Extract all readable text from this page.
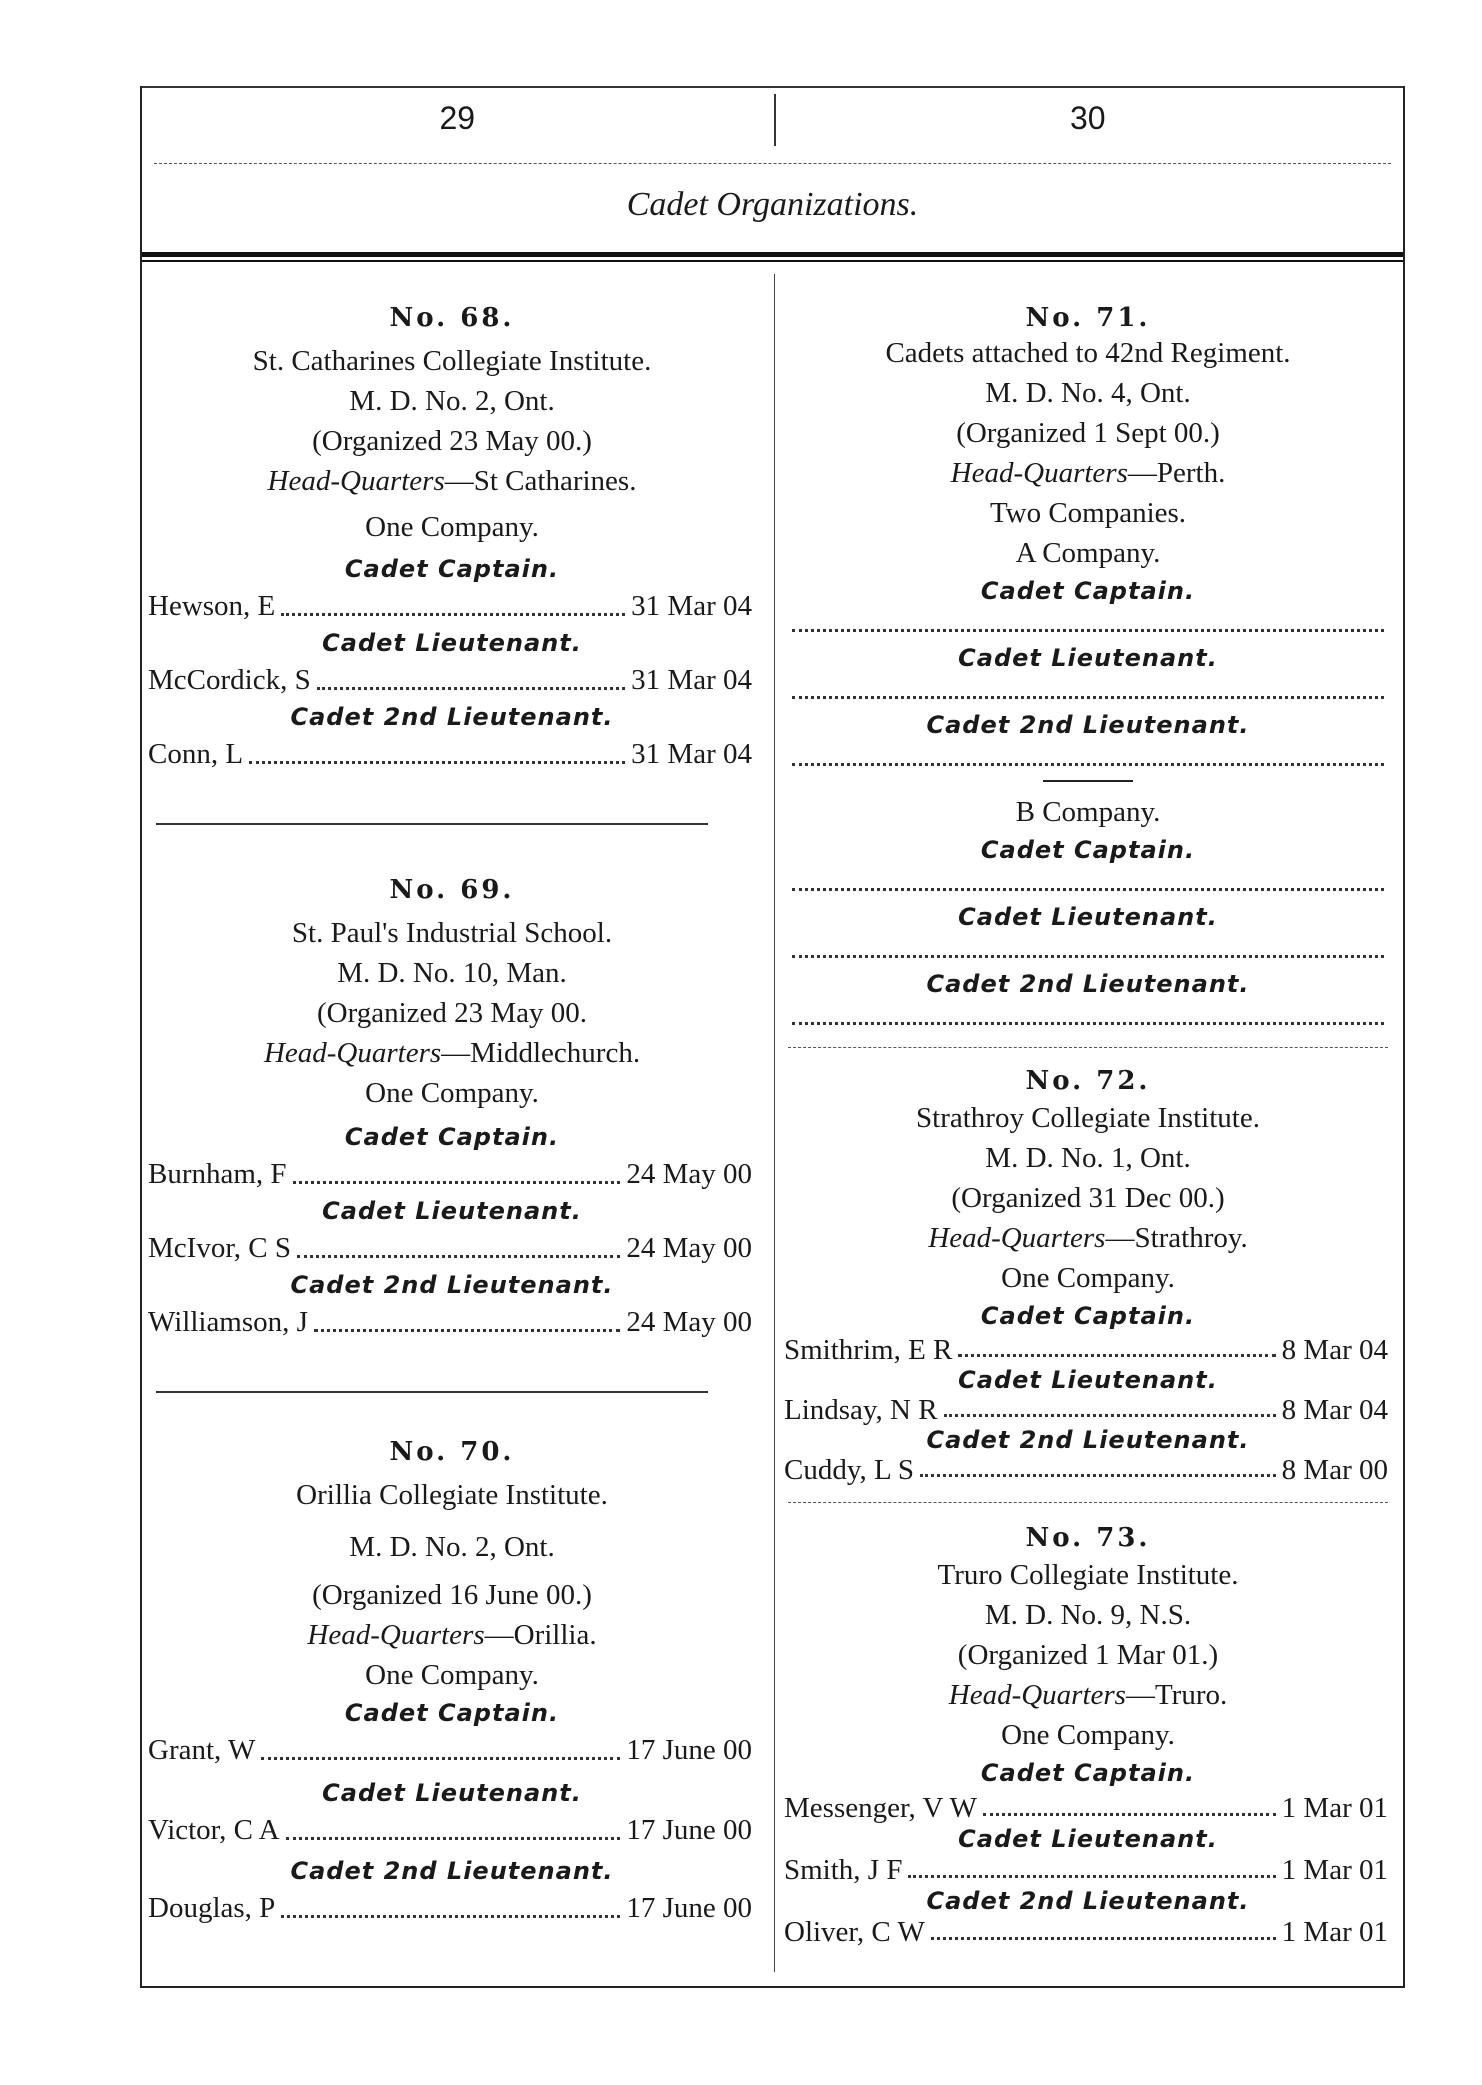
29	30
Cadet Organizations.
No. 68.
St. Catharines Collegiate Institute.
M. D. No. 2, Ont.
(Organized 23 May 00.)
Head-Quarters—St Catharines.
One Company.
Cadet Captain.
Hewson, E	31 Mar 04
Cadet Lieutenant.
McCordick, S	31 Mar 04
Cadet 2nd Lieutenant.
Conn, L	31 Mar 04
No. 69.
St. Paul's Industrial School.
M. D. No. 10, Man.
(Organized 23 May 00.
Head-Quarters—Middlechurch.
One Company.
Cadet Captain.
Burnham, F	24 May 00
Cadet Lieutenant.
McIvor, C S	24 May 00
Cadet 2nd Lieutenant.
Williamson, J	24 May 00
No. 70.
Orillia Collegiate Institute.
M. D. No. 2, Ont.
(Organized 16 June 00.)
Head-Quarters—Orillia.
One Company.
Cadet Captain.
Grant, W	17 June 00
Cadet Lieutenant.
Victor, C A	17 June 00
Cadet 2nd Lieutenant.
Douglas, P	17 June 00
No. 71.
Cadets attached to 42nd Regiment.
M. D. No. 4, Ont.
(Organized 1 Sept 00.)
Head-Quarters—Perth.
Two Companies.
A Company.
Cadet Captain.
Cadet Lieutenant.
Cadet 2nd Lieutenant.
B Company.
Cadet Captain.
Cadet Lieutenant.
Cadet 2nd Lieutenant.
No. 72.
Strathroy Collegiate Institute.
M. D. No. 1, Ont.
(Organized 31 Dec 00.)
Head-Quarters—Strathroy.
One Company.
Cadet Captain.
Smithrim, E R	8 Mar 04
Cadet Lieutenant.
Lindsay, N R	8 Mar 04
Cadet 2nd Lieutenant.
Cuddy, L S	8 Mar 00
No. 73.
Truro Collegiate Institute.
M. D. No. 9, N.S.
(Organized 1 Mar 01.)
Head-Quarters—Truro.
One Company.
Cadet Captain.
Messenger, V W	1 Mar 01
Cadet Lieutenant.
Smith, J F	1 Mar 01
Cadet 2nd Lieutenant.
Oliver, C W	1 Mar 01
